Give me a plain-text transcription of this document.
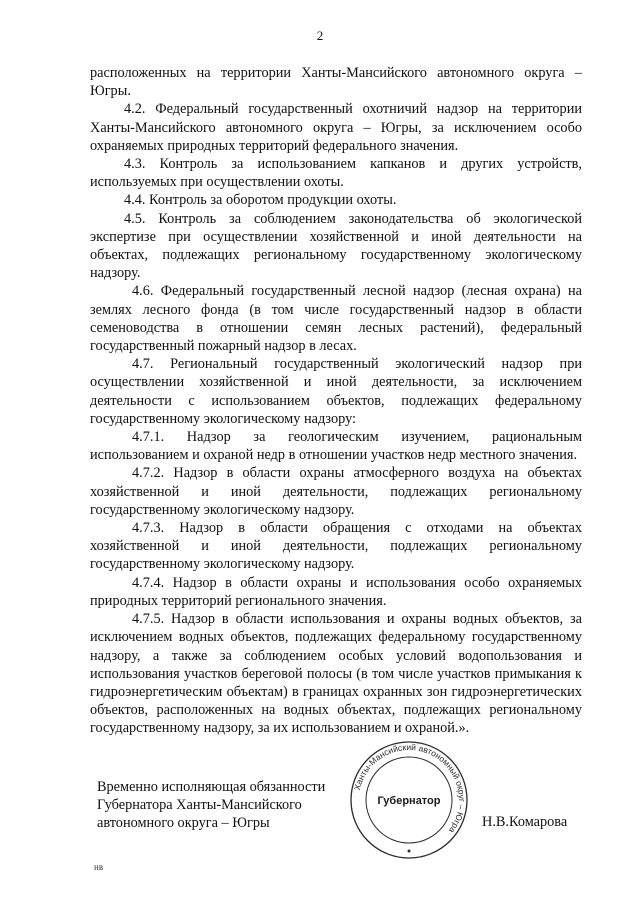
2

расположенных на территории Ханты-Мансийского автономного округа – Югры.

4.2. Федеральный государственный охотничий надзор на территории Ханты-Мансийского автономного округа – Югры, за исключением особо охраняемых природных территорий федерального значения.

4.3. Контроль за использованием капканов и других устройств, используемых при осуществлении охоты.

4.4. Контроль за оборотом продукции охоты.

4.5. Контроль за соблюдением законодательства об экологической экспертизе при осуществлении хозяйственной и иной деятельности на объектах, подлежащих региональному государственному экологическому надзору.

4.6. Федеральный государственный лесной надзор (лесная охрана) на землях лесного фонда (в том числе государственный надзор в области семеноводства в отношении семян лесных растений), федеральный государственный пожарный надзор в лесах.

4.7. Региональный государственный экологический надзор при осуществлении хозяйственной и иной деятельности, за исключением деятельности с использованием объектов, подлежащих федеральному государственному экологическому надзору:

4.7.1. Надзор за геологическим изучением, рациональным использованием и охраной недр в отношении участков недр местного значения.

4.7.2. Надзор в области охраны атмосферного воздуха на объектах хозяйственной и иной деятельности, подлежащих региональному государственному экологическому надзору.

4.7.3. Надзор в области обращения с отходами на объектах хозяйственной и иной деятельности, подлежащих региональному государственному экологическому надзору.

4.7.4. Надзор в области охраны и использования особо охраняемых природных территорий регионального значения.

4.7.5. Надзор в области использования и охраны водных объектов, за исключением водных объектов, подлежащих федеральному государственному надзору, а также за соблюдением особых условий водопользования и использования участков береговой полосы (в том числе участков примыкания к гидроэнергетическим объектам) в границах охранных зон гидроэнергетических объектов, расположенных на водных объектах, подлежащих региональному государственному надзору, за их использованием и охраной.».

Временно исполняющая обязанности
Губернатора Ханты-Мансийского
автономного округа – Югры
Ханты-Мансийский автономный округ – Югра
Губернатор
Н.В.Комарова
нв
